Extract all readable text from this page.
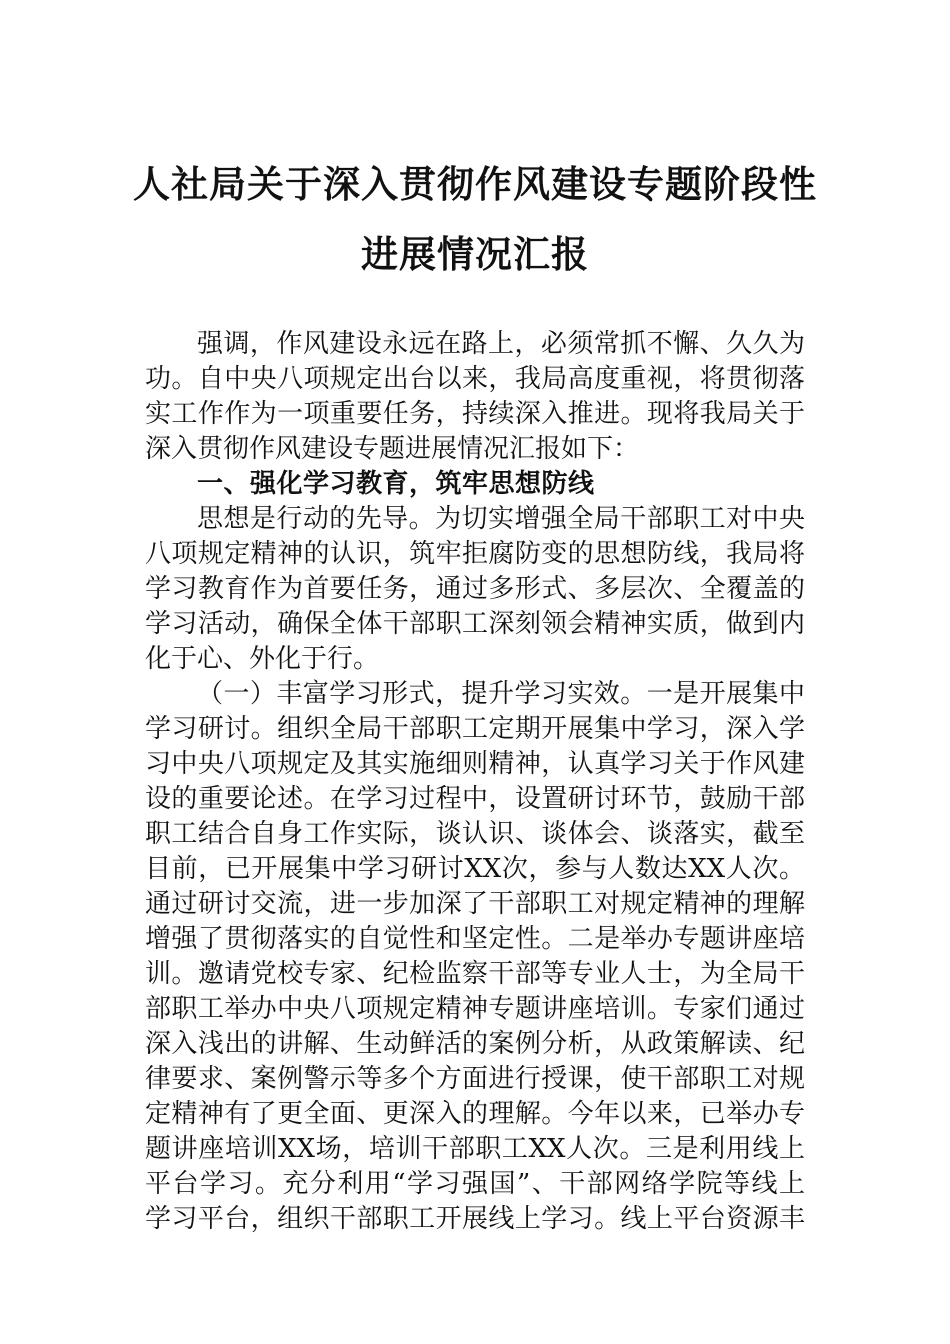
人社局关于深入贯彻作风建设专题阶段性
进展情况汇报
强调，作风建设永远在路上，必须常抓不懈、久久为
功。自中央八项规定出台以来，我局高度重视，将贯彻落
实工作作为一项重要任务，持续深入推进。现将我局关于
深入贯彻作风建设专题进展情况汇报如下：
一、强化学习教育，筑牢思想防线
思想是行动的先导。为切实增强全局干部职工对中央
八项规定精神的认识，筑牢拒腐防变的思想防线，我局将
学习教育作为首要任务，通过多形式、多层次、全覆盖的
学习活动，确保全体干部职工深刻领会精神实质，做到内
化于心、外化于行。
（一）丰富学习形式，提升学习实效。一是开展集中
学习研讨。组织全局干部职工定期开展集中学习，深入学
习中央八项规定及其实施细则精神，认真学习关于作风建
设的重要论述。在学习过程中，设置研讨环节，鼓励干部
职工结合自身工作实际，谈认识、谈体会、谈落实，截至
目前，已开展集中学习研讨XX次，参与人数达XX人次。
通过研讨交流，进一步加深了干部职工对规定精神的理解
增强了贯彻落实的自觉性和坚定性。二是举办专题讲座培
训。邀请党校专家、纪检监察干部等专业人士，为全局干
部职工举办中央八项规定精神专题讲座培训。专家们通过
深入浅出的讲解、生动鲜活的案例分析，从政策解读、纪
律要求、案例警示等多个方面进行授课，使干部职工对规
定精神有了更全面、更深入的理解。今年以来，已举办专
题讲座培训XX场，培训干部职工XX人次。三是利用线上
平台学习。充分利用“学习强国”、干部网络学院等线上
学习平台，组织干部职工开展线上学习。线上平台资源丰
